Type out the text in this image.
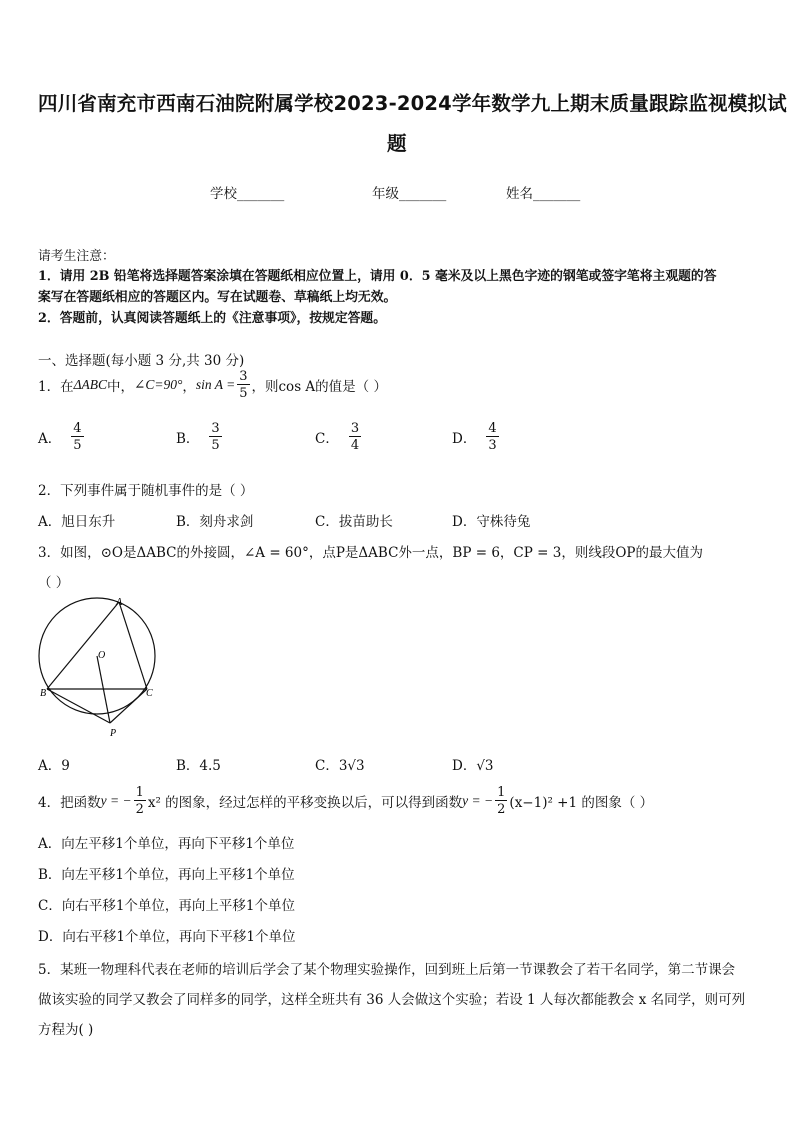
四川省南充市西南石油院附属学校2023-2024学年数学九上期末质量跟踪监视模拟试
题
学校_______	年级_______	姓名_______
请考生注意：
1．请用 2B 铅笔将选择题答案涂填在答题纸相应位置上，请用 0．5 毫米及以上黑色字迹的钢笔或签字笔将主观题的答
案写在答题纸相应的答题区内。写在试题卷、草稿纸上均无效。
2．答题前，认真阅读答题纸上的《注意事项》，按规定答题。
一、选择题(每小题 3 分,共 30 分)
1．在 ΔABC 中， ∠C=90° ， $\sin A = \frac{3}{5}$ ，则cos A的值是（ ）
A． $\frac{4}{5}$	B． $\frac{3}{5}$	C． $\frac{3}{4}$	D． $\frac{4}{3}$
2．下列事件属于随机事件的是（ ）
A．旭日东升	B．刻舟求剑	C．拔苗助长	D．守株待兔
3．如图，⊙O是ΔABC的外接圆，∠A = 60°，点P是ΔABC外一点，BP = 6，CP = 3，则线段OP的最大值为
（ ）
A
O
B	C
P
A．9	B．4.5	C．3√3	D．√3
4．把函数 y = − $\frac{1}{2} x^2$ 的图象，经过怎样的平移变换以后，可以得到函数 y = − $\frac{1}{2} (x-1)^2 +1$ 的图象（ ）
A．向左平移1个单位，再向下平移1个单位
B．向左平移1个单位，再向上平移1个单位
C．向右平移1个单位，再向上平移1个单位
D．向右平移1个单位，再向下平移1个单位
5．某班一物理科代表在老师的培训后学会了某个物理实验操作，回到班上后第一节课教会了若干名同学，第二节课会
做该实验的同学又教会了同样多的同学，这样全班共有 36 人会做这个实验；若设 1 人每次都能教会 x 名同学，则可列
方程为( )
